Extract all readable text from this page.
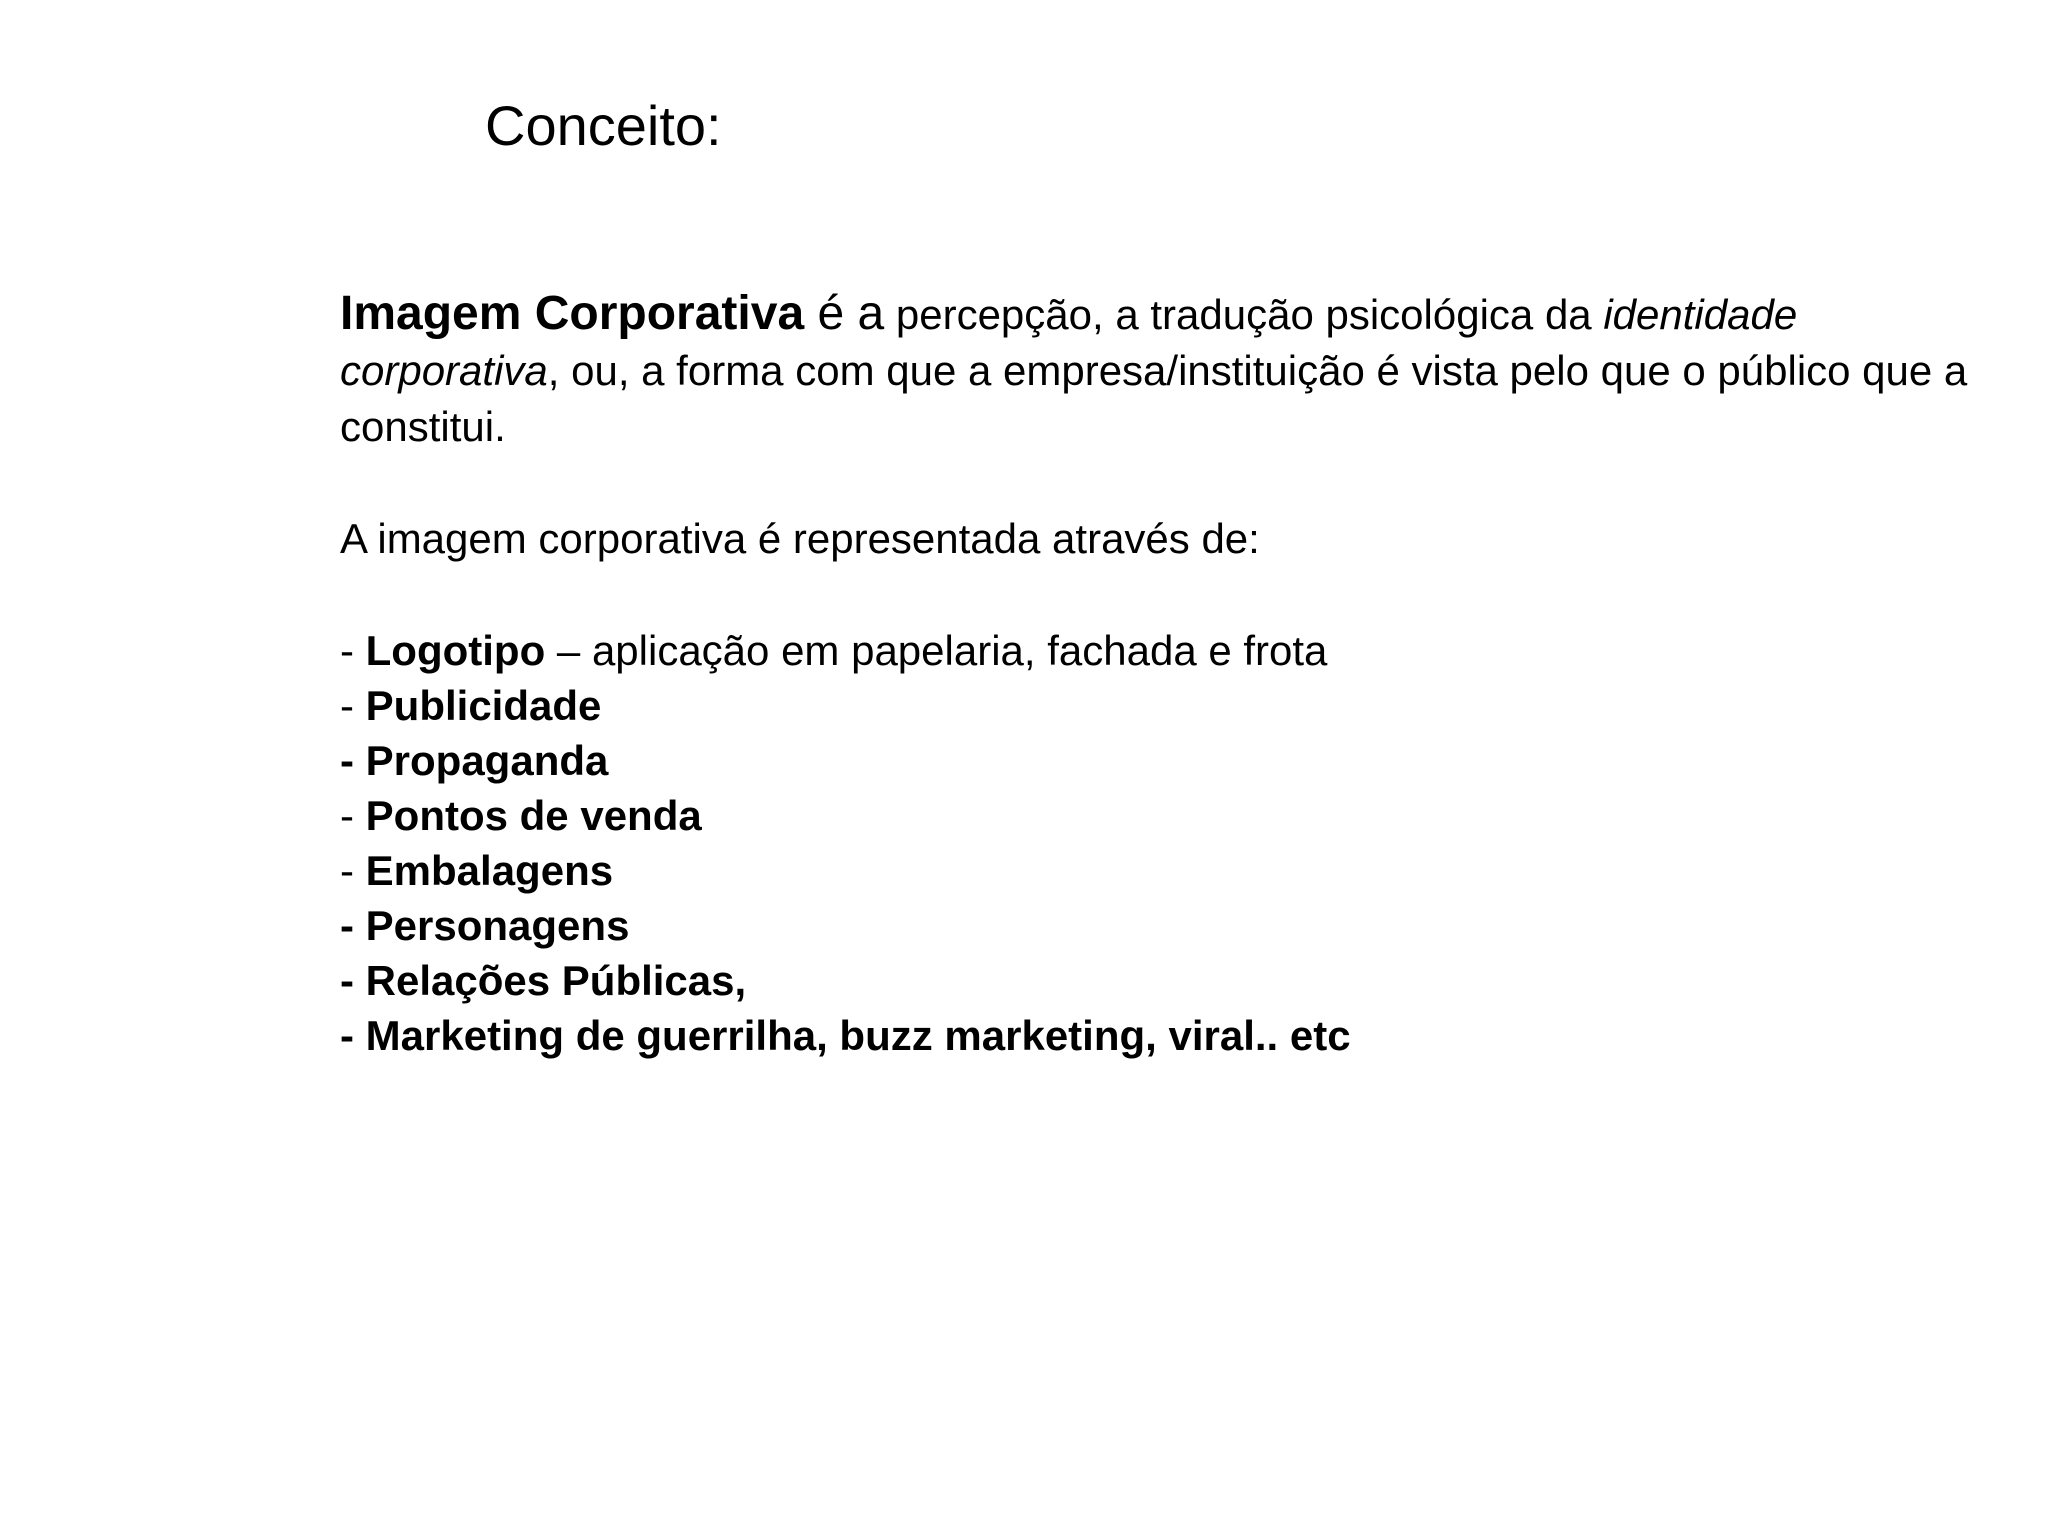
Conceito:

Imagem Corporativa é a percepção, a tradução psicológica da identidade corporativa, ou, a forma com que a empresa/instituição é vista pelo que o público que a constitui.

A imagem corporativa é representada através de:

- Logotipo – aplicação em papelaria, fachada e frota
- Publicidade
- Propaganda
- Pontos de venda
- Embalagens
- Personagens
- Relações Públicas,
- Marketing de guerrilha, buzz marketing, viral.. etc
